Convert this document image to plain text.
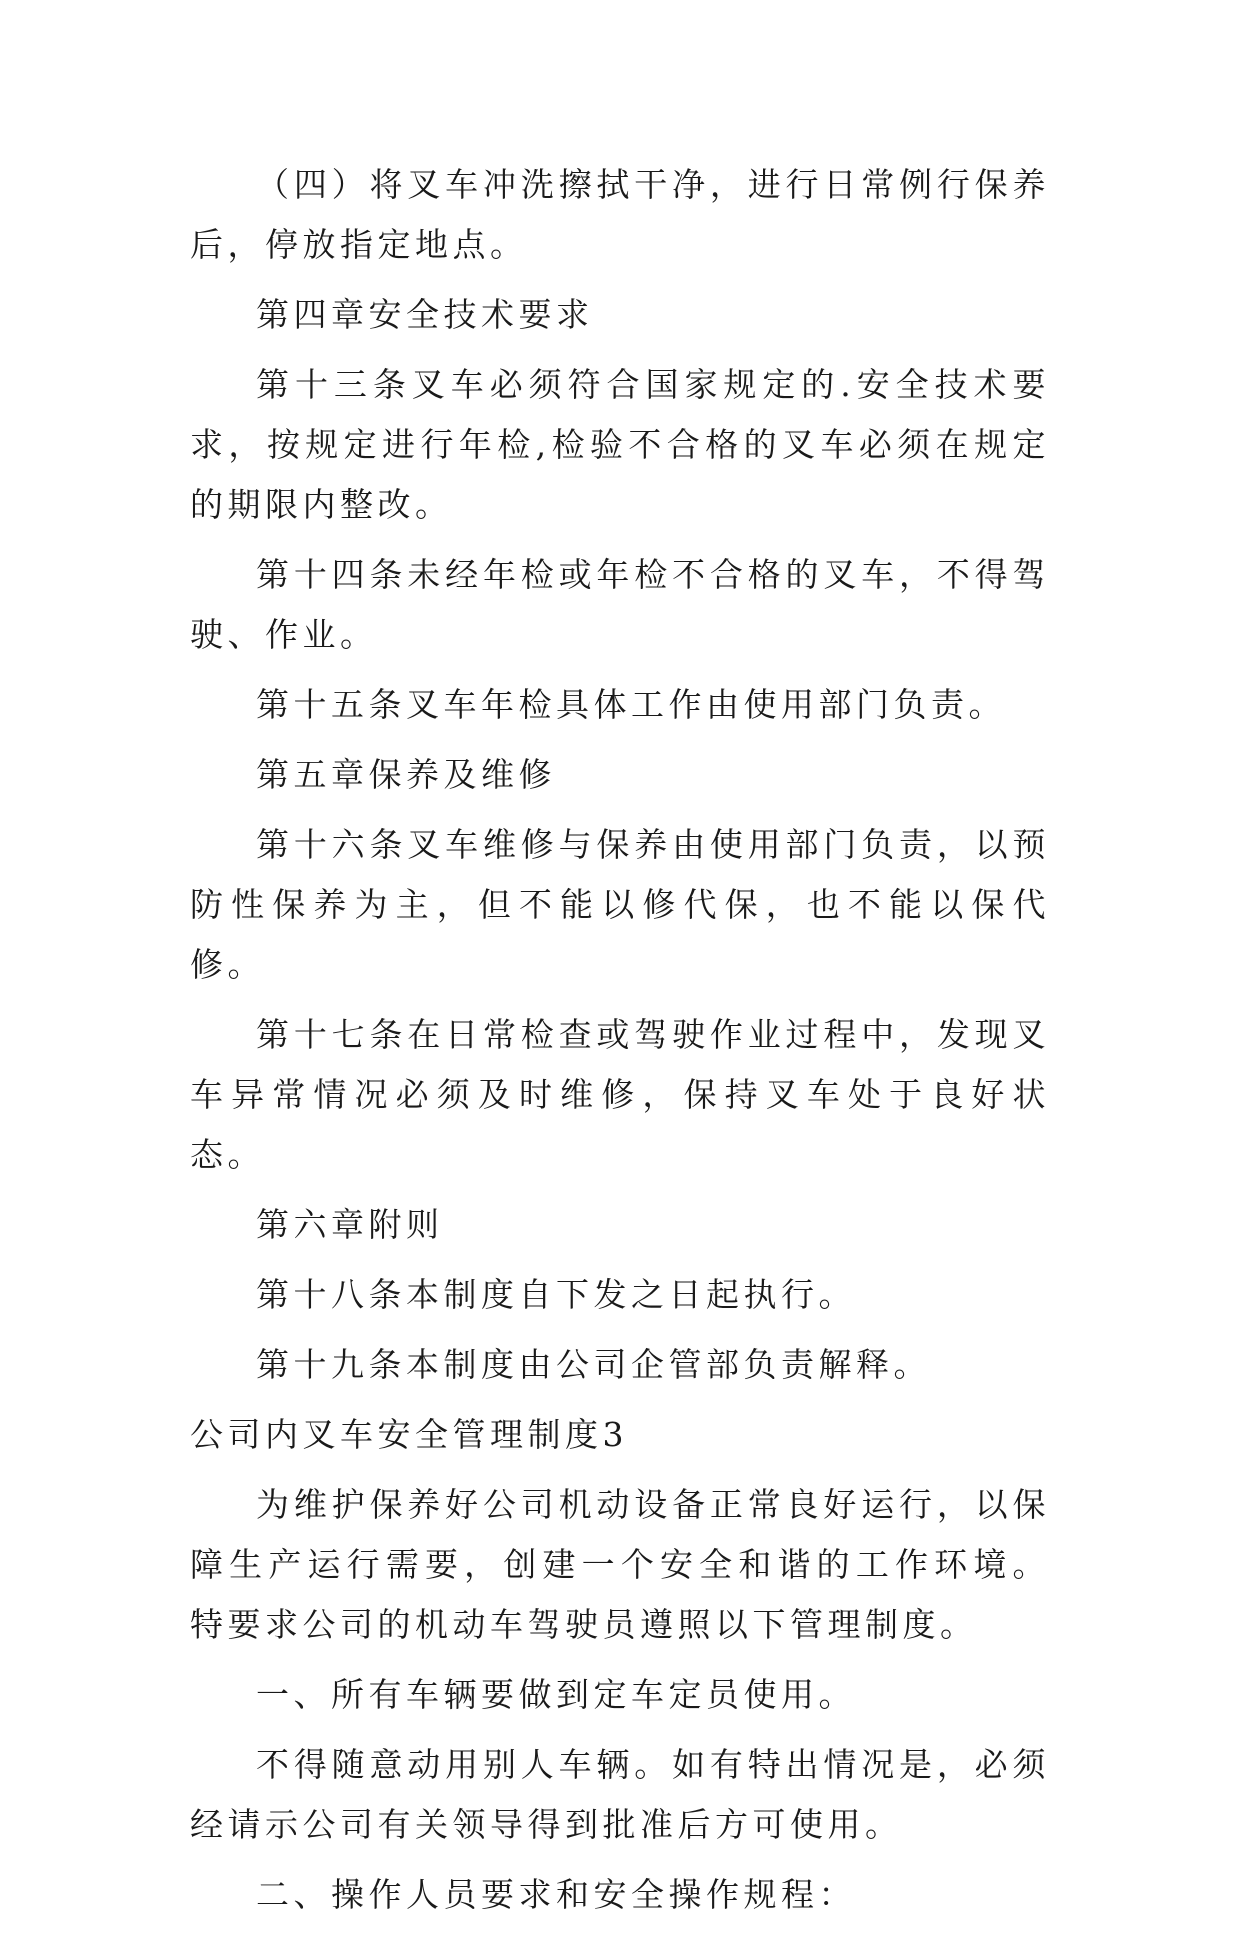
（四）将叉车冲洗擦拭干净，进行日常例行保养后，停放指定地点。

第四章安全技术要求

第十三条叉车必须符合国家规定的.安全技术要求，按规定进行年检,检验不合格的叉车必须在规定的期限内整改。

第十四条未经年检或年检不合格的叉车，不得驾驶、作业。

第十五条叉车年检具体工作由使用部门负责。

第五章保养及维修

第十六条叉车维修与保养由使用部门负责，以预防性保养为主，但不能以修代保，也不能以保代修。

第十七条在日常检查或驾驶作业过程中，发现叉车异常情况必须及时维修，保持叉车处于良好状态。

第六章附则

第十八条本制度自下发之日起执行。

第十九条本制度由公司企管部负责解释。

公司内叉车安全管理制度3

为维护保养好公司机动设备正常良好运行，以保障生产运行需要，创建一个安全和谐的工作环境。特要求公司的机动车驾驶员遵照以下管理制度。

一、所有车辆要做到定车定员使用。

不得随意动用别人车辆。如有特出情况是，必须经请示公司有关领导得到批准后方可使用。

二、操作人员要求和安全操作规程：
